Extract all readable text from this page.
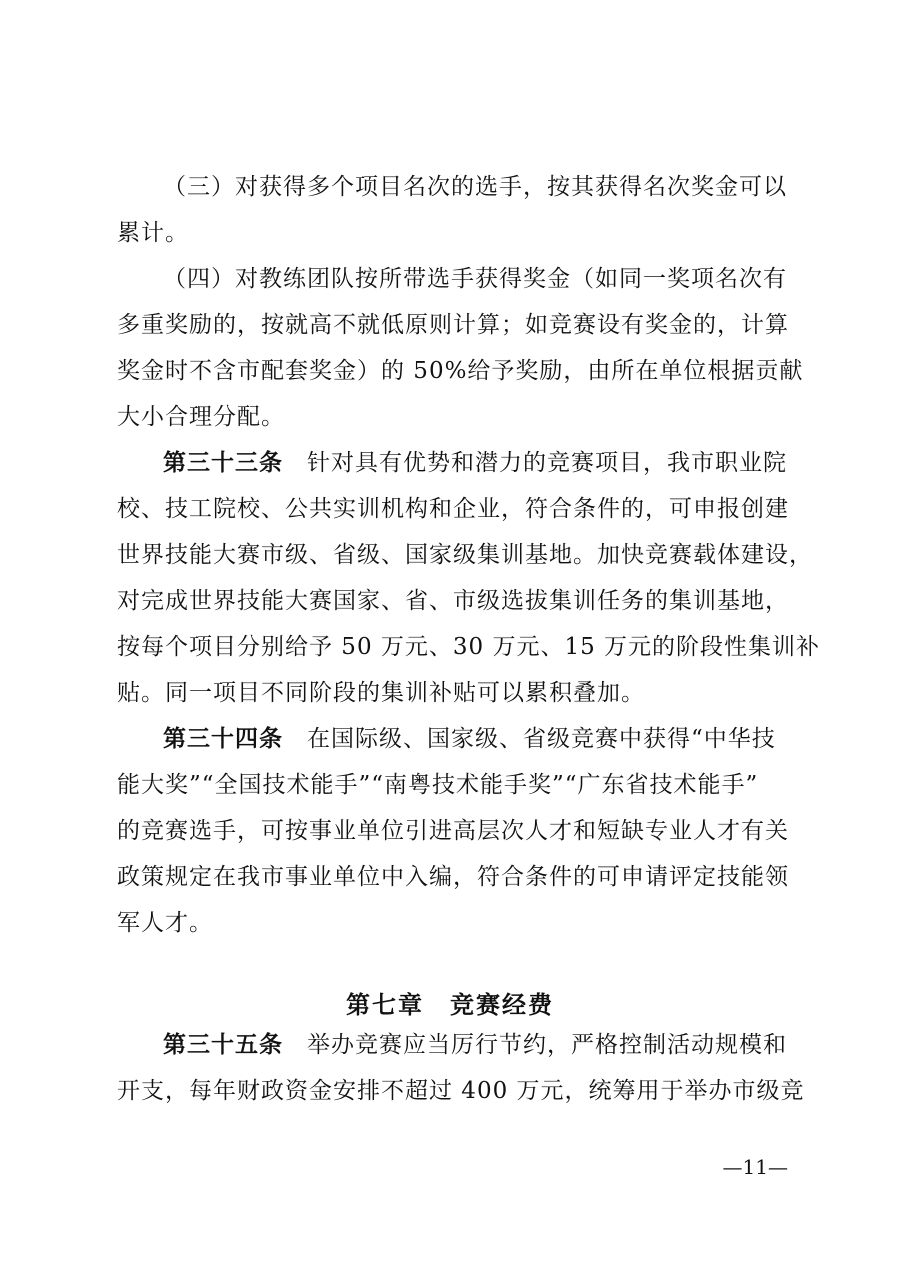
（三）对获得多个项目名次的选手，按其获得名次奖金可以
累计。
（四）对教练团队按所带选手获得奖金（如同一奖项名次有
多重奖励的，按就高不就低原则计算；如竞赛设有奖金的，计算
奖金时不含市配套奖金）的 50%给予奖励，由所在单位根据贡献
大小合理分配。
第三十三条　 针对具有优势和潜力的竞赛项目，我市职业院
校、技工院校、公共实训机构和企业，符合条件的，可申报创建
世界技能大赛市级、省级、国家级集训基地。加快竞赛载体建设，
对完成世界技能大赛国家、省、市级选拔集训任务的集训基地，
按每个项目分别给予 50 万元、30 万元、15 万元的阶段性集训补
贴。同一项目不同阶段的集训补贴可以累积叠加。
第三十四条　 在国际级、国家级、省级竞赛中获得“中华技
能大奖”“全国技术能手”“南粤技术能手奖”“广东省技术能手”
的竞赛选手，可按事业单位引进高层次人才和短缺专业人才有关
政策规定在我市事业单位中入编，符合条件的可申请评定技能领
军人才。
第七章　竞赛经费
第三十五条　 举办竞赛应当厉行节约，严格控制活动规模和
开支，每年财政资金安排不超过 400 万元，统筹用于举办市级竞
—11—
